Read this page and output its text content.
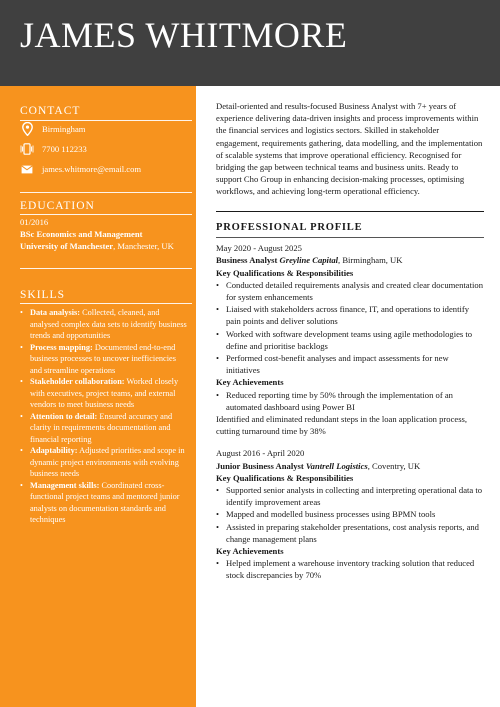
JAMES WHITMORE
CONTACT
Birmingham
7700 112233
james.whitmore@email.com
EDUCATION
01/2016
BSc Economics and Management
University of Manchester, Manchester, UK
SKILLS
• Data analysis: Collected, cleaned, and analysed complex data sets to identify business trends and opportunities
• Process mapping: Documented end-to-end business processes to uncover inefficiencies and streamline operations
• Stakeholder collaboration: Worked closely with executives, project teams, and external vendors to meet business needs
• Attention to detail: Ensured accuracy and clarity in requirements documentation and financial reporting
• Adaptability: Adjusted priorities and scope in dynamic project environments with evolving business needs
• Management skills: Coordinated cross-functional project teams and mentored junior analysts on documentation standards and techniques
Detail-oriented and results-focused Business Analyst with 7+ years of experience delivering data-driven insights and process improvements within the financial services and logistics sectors. Skilled in stakeholder engagement, requirements gathering, data modelling, and the implementation of scalable systems that improve operational efficiency. Recognised for bridging the gap between technical teams and business units. Ready to support Cho Group in enhancing decision-making processes, optimising workflows, and achieving long-term operational efficiency.
PROFESSIONAL PROFILE
May 2020 - August 2025
Business Analyst Greyline Capital, Birmingham, UK
Key Qualifications & Responsibilities
• Conducted detailed requirements analysis and created clear documentation for system enhancements
• Liaised with stakeholders across finance, IT, and operations to identify pain points and deliver solutions
• Worked with software development teams using agile methodologies to define and prioritise backlogs
• Performed cost-benefit analyses and impact assessments for new initiatives
Key Achievements
• Reduced reporting time by 50% through the implementation of an automated dashboard using Power BI
Identified and eliminated redundant steps in the loan application process, cutting turnaround time by 38%
August 2016 - April 2020
Junior Business Analyst Vantrell Logistics, Coventry, UK
Key Qualifications & Responsibilities
• Supported senior analysts in collecting and interpreting operational data to identify improvement areas
• Mapped and modelled business processes using BPMN tools
• Assisted in preparing stakeholder presentations, cost analysis reports, and change management plans
Key Achievements
• Helped implement a warehouse inventory tracking solution that reduced stock discrepancies by 70%
